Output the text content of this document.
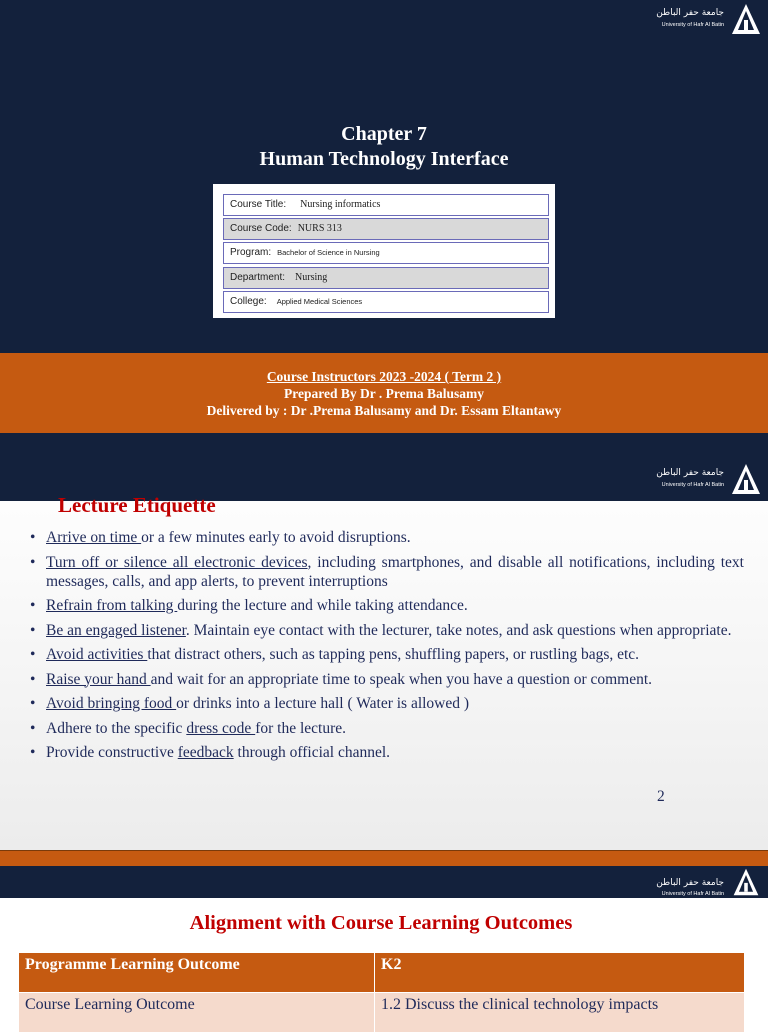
جامعة حفر الباطن
University of Hafr Al Batin
Chapter 7
Human Technology Interface
Course Title: Nursing informatics
Course Code: NURS 313
Program: Bachelor of Science in Nursing
Department: Nursing
College: Applied Medical Sciences
Course Instructors 2023 -2024 ( Term 2 )
Prepared By Dr . Prema Balusamy
Delivered by : Dr .Prema Balusamy and Dr. Essam Eltantawy
جامعة حفر الباطن
University of Hafr Al Batin
Lecture Etiquette
• Arrive on time or a few minutes early to avoid disruptions.
• Turn off or silence all electronic devices, including smartphones, and disable all notifications, including text messages, calls, and app alerts, to prevent interruptions
• Refrain from talking during the lecture and while taking attendance.
• Be an engaged listener. Maintain eye contact with the lecturer, take notes, and ask questions when appropriate.
• Avoid activities that distract others, such as tapping pens, shuffling papers, or rustling bags, etc.
• Raise your hand and wait for an appropriate time to speak when you have a question or comment.
• Avoid bringing food or drinks into a lecture hall ( Water is allowed )
• Adhere to the specific dress code for the lecture.
• Provide constructive feedback through official channel.
2
جامعة حفر الباطن
University of Hafr Al Batin
Alignment with Course Learning Outcomes
Programme Learning Outcome	K2
Course Learning Outcome	1.2 Discuss the clinical technology impacts
